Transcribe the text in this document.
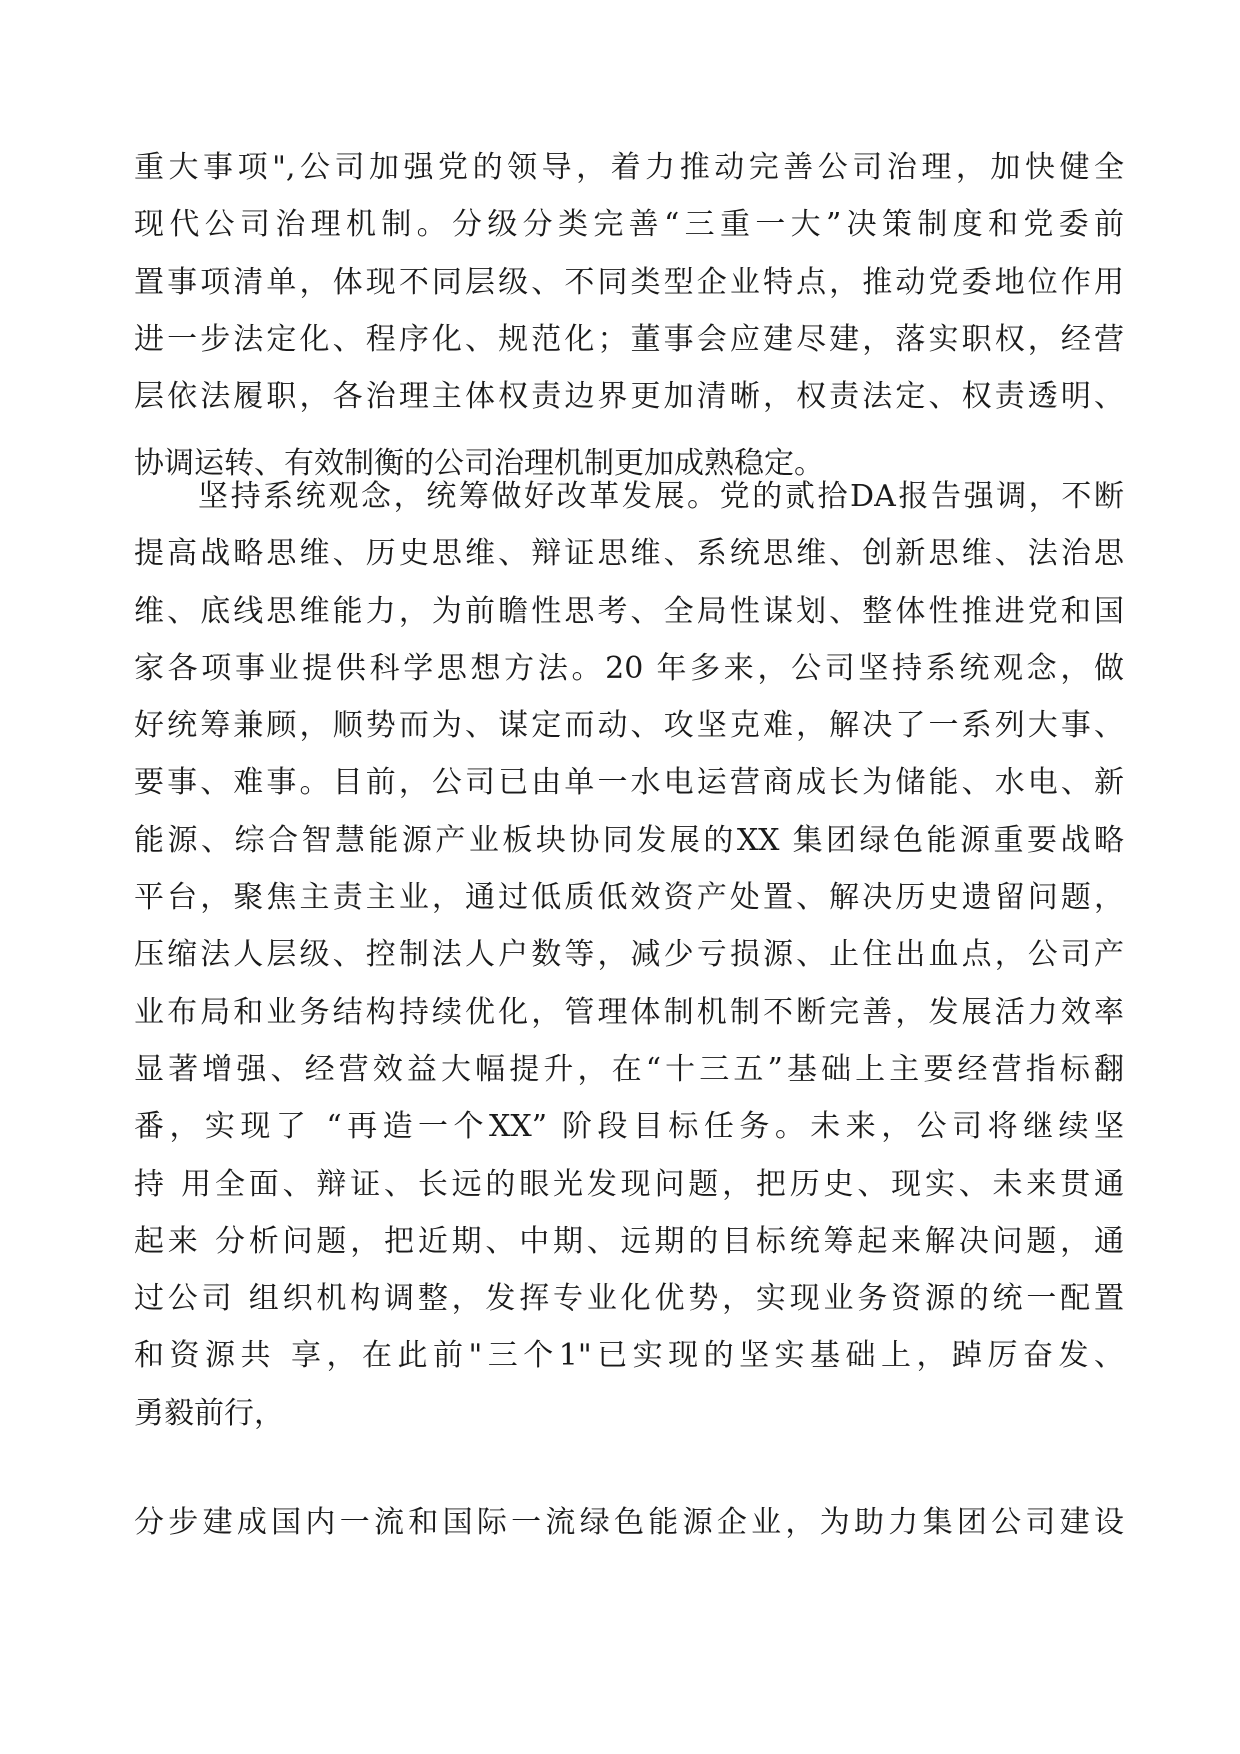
重大事项",公司加强党的领导，着力推动完善公司治理，加快健全
现代公司治理机制。分级分类完善“三重一大”决策制度和党委前
置事项清单，体现不同层级、不同类型企业特点，推动党委地位作用
进一步法定化、程序化、规范化；董事会应建尽建，落实职权，经营
层依法履职，各治理主体权责边界更加清晰，权责法定、权责透明、
协调运转、有效制衡的公司治理机制更加成熟稳定。
坚持系统观念，统筹做好改革发展。党的贰拾DA报告强调，不断
提高战略思维、历史思维、辩证思维、系统思维、创新思维、法治思
维、底线思维能力，为前瞻性思考、全局性谋划、整体性推进党和国
家各项事业提供科学思想方法。20 年多来，公司坚持系统观念，做
好统筹兼顾，顺势而为、谋定而动、攻坚克难，解决了一系列大事、
要事、难事。目前，公司已由单一水电运营商成长为储能、水电、新
能源、综合智慧能源产业板块协同发展的XX 集团绿色能源重要战略
平台，聚焦主责主业，通过低质低效资产处置、解决历史遗留问题，
压缩法人层级、控制法人户数等，减少亏损源、止住出血点，公司产
业布局和业务结构持续优化，管理体制机制不断完善，发展活力效率
显著增强、经营效益大幅提升，在“十三五”基础上主要经营指标翻
番，实现了 “再造一个XX” 阶段目标任务。未来，公司将继续坚
持 用全面、辩证、长远的眼光发现问题，把历史、现实、未来贯通
起来 分析问题，把近期、中期、远期的目标统筹起来解决问题，通
过公司 组织机构调整，发挥专业化优势，实现业务资源的统一配置
和资源共 享，在此前"三个1"已实现的坚实基础上，踔厉奋发、
勇毅前行，
分步建成国内一流和国际一流绿色能源企业，为助力集团公司建设
